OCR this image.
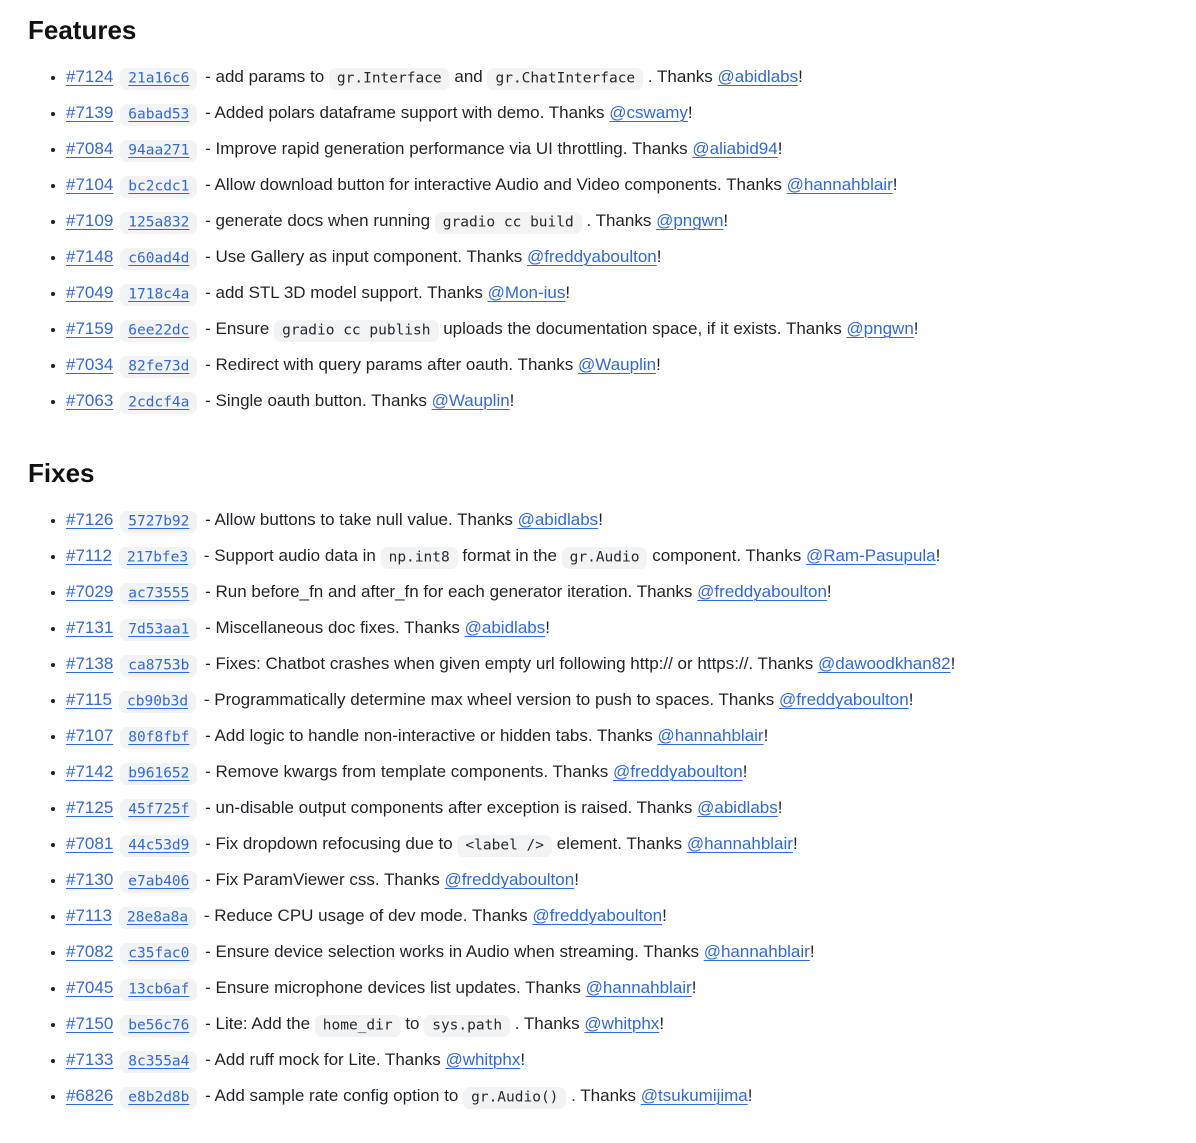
Features
• #7124 21a16c6 - add params to gr.Interface and gr.ChatInterface . Thanks @abidlabs!
• #7139 6abad53 - Added polars dataframe support with demo. Thanks @cswamy!
• #7084 94aa271 - Improve rapid generation performance via UI throttling. Thanks @aliabid94!
• #7104 bc2cdc1 - Allow download button for interactive Audio and Video components. Thanks @hannahblair!
• #7109 125a832 - generate docs when running gradio cc build . Thanks @pngwn!
• #7148 c60ad4d - Use Gallery as input component. Thanks @freddyaboulton!
• #7049 1718c4a - add STL 3D model support. Thanks @Mon-ius!
• #7159 6ee22dc - Ensure gradio cc publish uploads the documentation space, if it exists. Thanks @pngwn!
• #7034 82fe73d - Redirect with query params after oauth. Thanks @Wauplin!
• #7063 2cdcf4a - Single oauth button. Thanks @Wauplin!
Fixes
• #7126 5727b92 - Allow buttons to take null value. Thanks @abidlabs!
• #7112 217bfe3 - Support audio data in np.int8 format in the gr.Audio component. Thanks @Ram-Pasupula!
• #7029 ac73555 - Run before_fn and after_fn for each generator iteration. Thanks @freddyaboulton!
• #7131 7d53aa1 - Miscellaneous doc fixes. Thanks @abidlabs!
• #7138 ca8753b - Fixes: Chatbot crashes when given empty url following http:// or https://. Thanks @dawoodkhan82!
• #7115 cb90b3d - Programmatically determine max wheel version to push to spaces. Thanks @freddyaboulton!
• #7107 80f8fbf - Add logic to handle non-interactive or hidden tabs. Thanks @hannahblair!
• #7142 b961652 - Remove kwargs from template components. Thanks @freddyaboulton!
• #7125 45f725f - un-disable output components after exception is raised. Thanks @abidlabs!
• #7081 44c53d9 - Fix dropdown refocusing due to <label /> element. Thanks @hannahblair!
• #7130 e7ab406 - Fix ParamViewer css. Thanks @freddyaboulton!
• #7113 28e8a8a - Reduce CPU usage of dev mode. Thanks @freddyaboulton!
• #7082 c35fac0 - Ensure device selection works in Audio when streaming. Thanks @hannahblair!
• #7045 13cb6af - Ensure microphone devices list updates. Thanks @hannahblair!
• #7150 be56c76 - Lite: Add the home_dir to sys.path . Thanks @whitphx!
• #7133 8c355a4 - Add ruff mock for Lite. Thanks @whitphx!
• #6826 e8b2d8b - Add sample rate config option to gr.Audio() . Thanks @tsukumijima!
